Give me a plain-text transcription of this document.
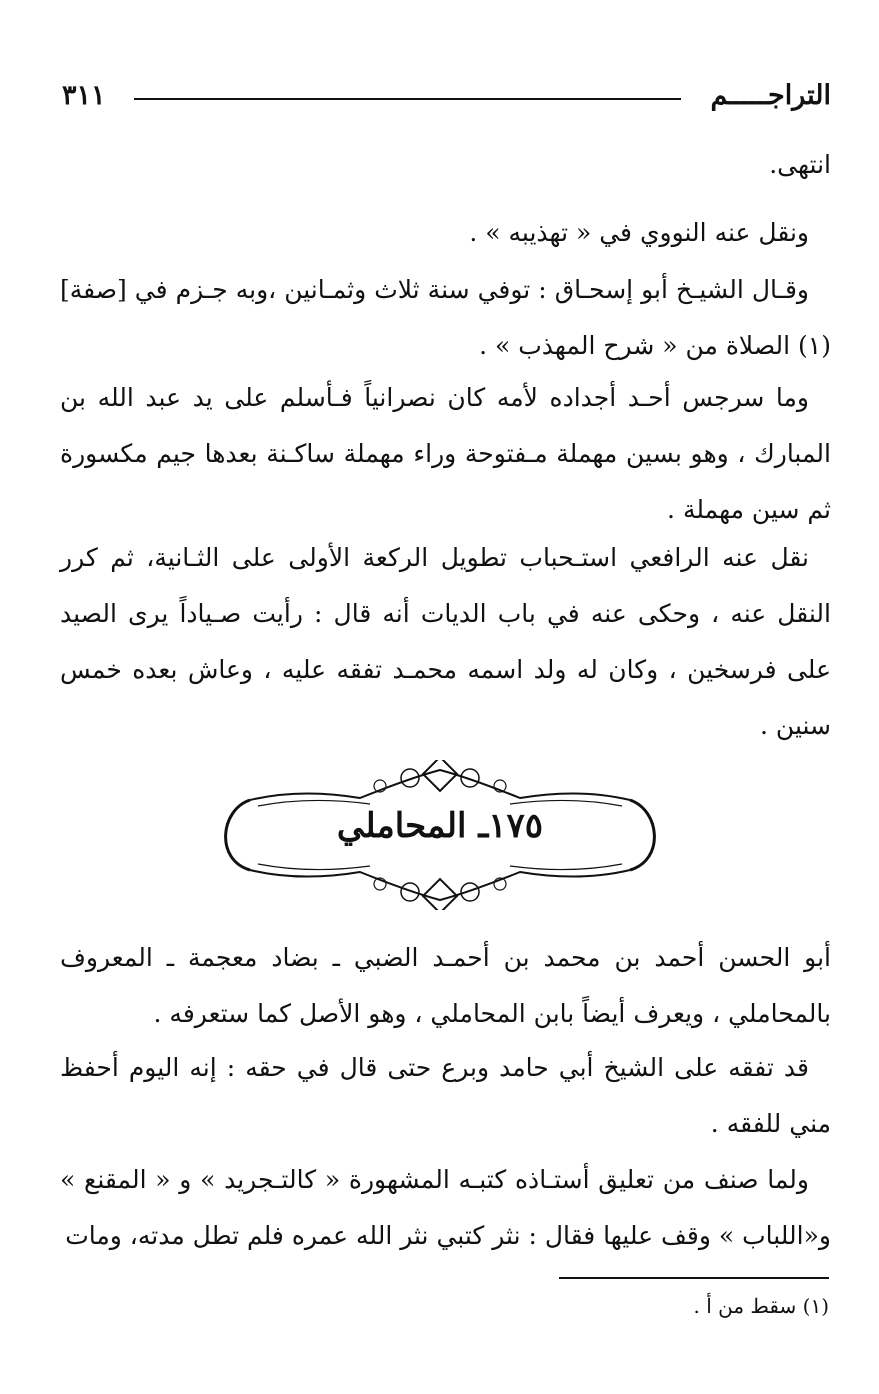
التراجـــــم
٣١١
انتهى.

ونقل عنه النووي في « تهذيبه » .

وقـال الشيـخ أبو إسحـاق : توفي سنة ثلاث وثمـانين ،وبه جـزم في [صفة](١) الصلاة من « شرح المهذب » .

وما سرجس أحـد أجداده لأمه كان نصرانياً فـأسلم على يد عبد الله بن المبارك ، وهو بسين مهملة مـفتوحة وراء مهملة ساكـنة بعدها جيم مكسورة ثم سين مهملة .

نقل عنه الرافعي استـحباب تطويل الركعة الأولى على الثـانية، ثم كرر النقل عنه ، وحكى عنه في باب الديات أنه قال : رأيت صـياداً يرى الصيد على فرسخين ، وكان له ولد اسمه محمـد تفقه عليه ، وعاش بعده خمس سنين .

١٧٥ـ المحاملي

أبو الحسن أحمد بن محمد بن أحمـد الضبي ـ بضاد معجمة ـ المعروف بالمحاملي ، ويعرف أيضاً بابن المحاملي ، وهو الأصل كما ستعرفه .

قد تفقه على الشيخ أبي حامد وبرع حتى قال في حقه : إنه اليوم أحفظ مني للفقه .

ولما صنف من تعليق أستـاذه كتبـه المشهورة « كالتـجريد » و « المقنع » و«اللباب » وقف عليها فقال : نثر كتبي نثر الله عمره فلم تطل مدته، ومات

(١) سقط من أ .
